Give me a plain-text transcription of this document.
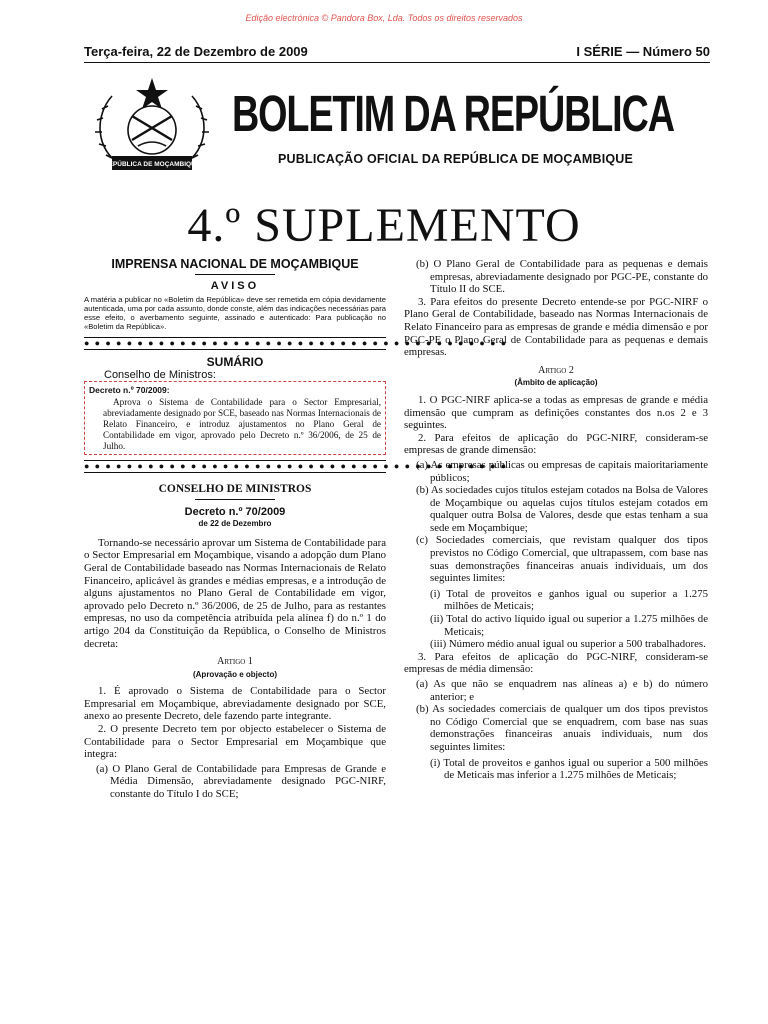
Edição electrónica © Pandora Box, Lda. Todos os direitos reservados
Terça-feira, 22 de Dezembro de 2009	I SÉRIE — Número 50
REPÚBLICA DE MOÇAMBIQUE
BOLETIM DA REPÚBLICA
PUBLICAÇÃO OFICIAL DA REPÚBLICA DE MOÇAMBIQUE
4.º SUPLEMENTO
IMPRENSA NACIONAL DE MOÇAMBIQUE
AVISO

A matéria a publicar no «Boletim da República» deve ser remetida em cópia devidamente autenticada, uma por cada assunto, donde conste, além das indicações necessárias para esse efeito, o averbamento seguinte, assinado e autenticado: Para publicação no «Boletim da República».

● ● ● ● ● ● ● ● ● ● ● ● ● ● ● ● ● ● ● ● ● ● ● ● ● ● ● ● ● ● ● ● ● ● ● ● ● ● ● ●
SUMÁRIO
Conselho de Ministros:
Decreto n.º 70/2009:

Aprova o Sistema de Contabilidade para o Sector Empresarial, abreviadamente designado por SCE, baseado nas Normas Internacionais de Relato Financeiro, e introduz ajustamentos no Plano Geral de Contabilidade em vigor, aprovado pelo Decreto n.º 36/2006, de 25 de Julho.

● ● ● ● ● ● ● ● ● ● ● ● ● ● ● ● ● ● ● ● ● ● ● ● ● ● ● ● ● ● ● ● ● ● ● ● ● ● ● ●
CONSELHO DE MINISTROS
Decreto n.º 70/2009
de 22 de Dezembro

Tornando-se necessário aprovar um Sistema de Contabilidade para o Sector Empresarial em Moçambique, visando a adopção dum Plano Geral de Contabilidade baseado nas Normas Internacionais de Relato Financeiro, aplicável às grandes e médias empresas, e a introdução de alguns ajustamentos no Plano Geral de Contabilidade em vigor, aprovado pelo Decreto n.º 36/2006, de 25 de Julho, para as restantes empresas, no uso da competência atribuída pela alínea f) do n.º 1 do artigo 204 da Constituição da República, o Conselho de Ministros decreta:

Artigo 1
(Aprovação e objecto)

1. É aprovado o Sistema de Contabilidade para o Sector Empresarial em Moçambique, abreviadamente designado por SCE, anexo ao presente Decreto, dele fazendo parte integrante.

2. O presente Decreto tem por objecto estabelecer o Sistema de Contabilidade para o Sector Empresarial em Moçambique que integra:

(a) O Plano Geral de Contabilidade para Empresas de Grande e Média Dimensão, abreviadamente designado PGC-NIRF, constante do Título I do SCE;

(b) O Plano Geral de Contabilidade para as pequenas e demais empresas, abreviadamente designado por PGC-PE, constante do Título II do SCE.

3. Para efeitos do presente Decreto entende-se por PGC-NIRF o Plano Geral de Contabilidade, baseado nas Normas Internacionais de Relato Financeiro para as empresas de grande e média dimensão e por PGC-PE o Plano Geral de Contabilidade para as pequenas e demais empresas.

Artigo 2
(Âmbito de aplicação)

1. O PGC-NIRF aplica-se a todas as empresas de grande e média dimensão que cumpram as definições constantes dos n.os 2 e 3 seguintes.

2. Para efeitos de aplicação do PGC-NIRF, consideram-se empresas de grande dimensão:

(a) As empresas públicas ou empresas de capitais maioritariamente públicos;

(b) As sociedades cujos títulos estejam cotados na Bolsa de Valores de Moçambique ou aquelas cujos títulos estejam cotados em qualquer outra Bolsa de Valores, desde que estas tenham a sua sede em Moçambique;

(c) Sociedades comerciais, que revistam qualquer dos tipos previstos no Código Comercial, que ultrapassem, com base nas suas demonstrações financeiras anuais individuais, um dos seguintes limites:

(i) Total de proveitos e ganhos igual ou superior a 1.275 milhões de Meticais;

(ii) Total do activo líquido igual ou superior a 1.275 milhões de Meticais;

(iii) Número médio anual igual ou superior a 500 trabalhadores.

3. Para efeitos de aplicação do PGC-NIRF, consideram-se empresas de média dimensão:

(a) As que não se enquadrem nas alíneas a) e b) do número anterior; e

(b) As sociedades comerciais de qualquer um dos tipos previstos no Código Comercial que se enquadrem, com base nas suas demonstrações financeiras anuais individuais, num dos seguintes limites:

(i) Total de proveitos e ganhos igual ou superior a 500 milhões de Meticais mas inferior a 1.275 milhões de Meticais;
